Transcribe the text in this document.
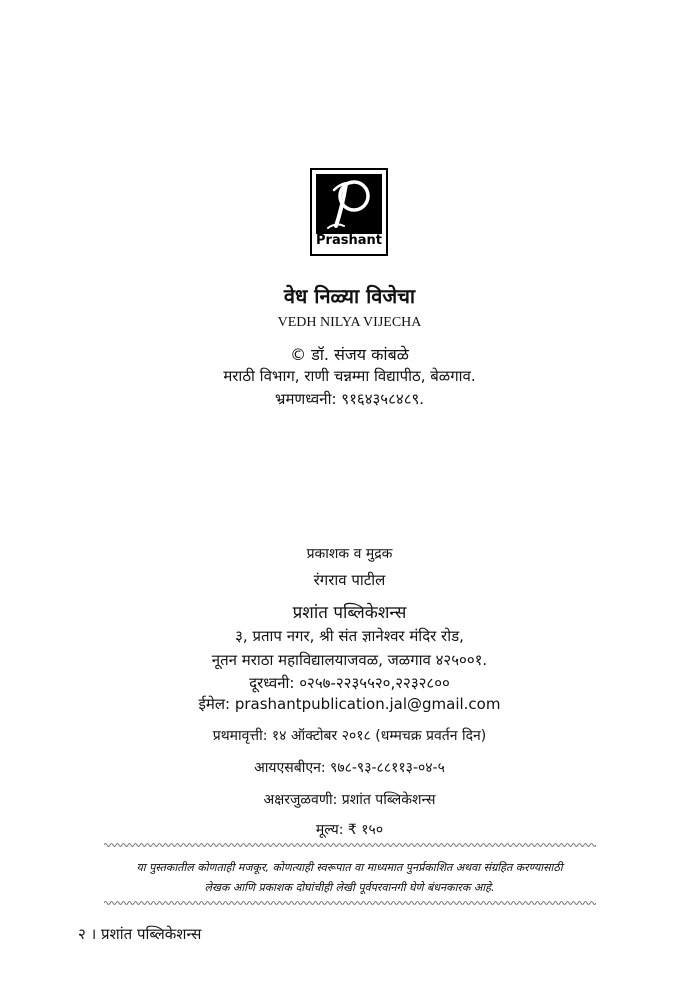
Prashant
वेध निळ्या विजेचा
VEDH NILYA VIJECHA
© डॉ. संजय कांबळे
मराठी विभाग, राणी चन्नम्मा विद्यापीठ, बेळगाव.
भ्रमणध्वनी: ९१६४३५८४८९.
प्रकाशक व मुद्रक
रंगराव पाटील
प्रशांत पब्लिकेशन्स
३, प्रताप नगर, श्री संत ज्ञानेश्वर मंदिर रोड,
नूतन मराठा महाविद्यालयाजवळ, जळगाव ४२५००१.
दूरध्वनी: ०२५७-२२३५५२०,२२३२८००
ईमेल: prashantpublication.jal@gmail.com
प्रथमावृत्ती: १४ ऑक्टोबर २०१८ (धम्मचक्र प्रवर्तन दिन)
आयएसबीएन: ९७८-९३-८८११३-०४-५
अक्षरजुळवणी: प्रशांत पब्लिकेशन्स
मूल्य: ₹ १५०
या पुस्तकातील कोणताही मजकूर, कोणत्याही स्वरूपात वा माध्यमात पुनर्प्रकाशित अथवा संग्रहित करण्यासाठी
लेखक आणि प्रकाशक दोघांचीही लेखी पूर्वपरवानगी घेणे बंधनकारक आहे.
२ । प्रशांत पब्लिकेशन्स
